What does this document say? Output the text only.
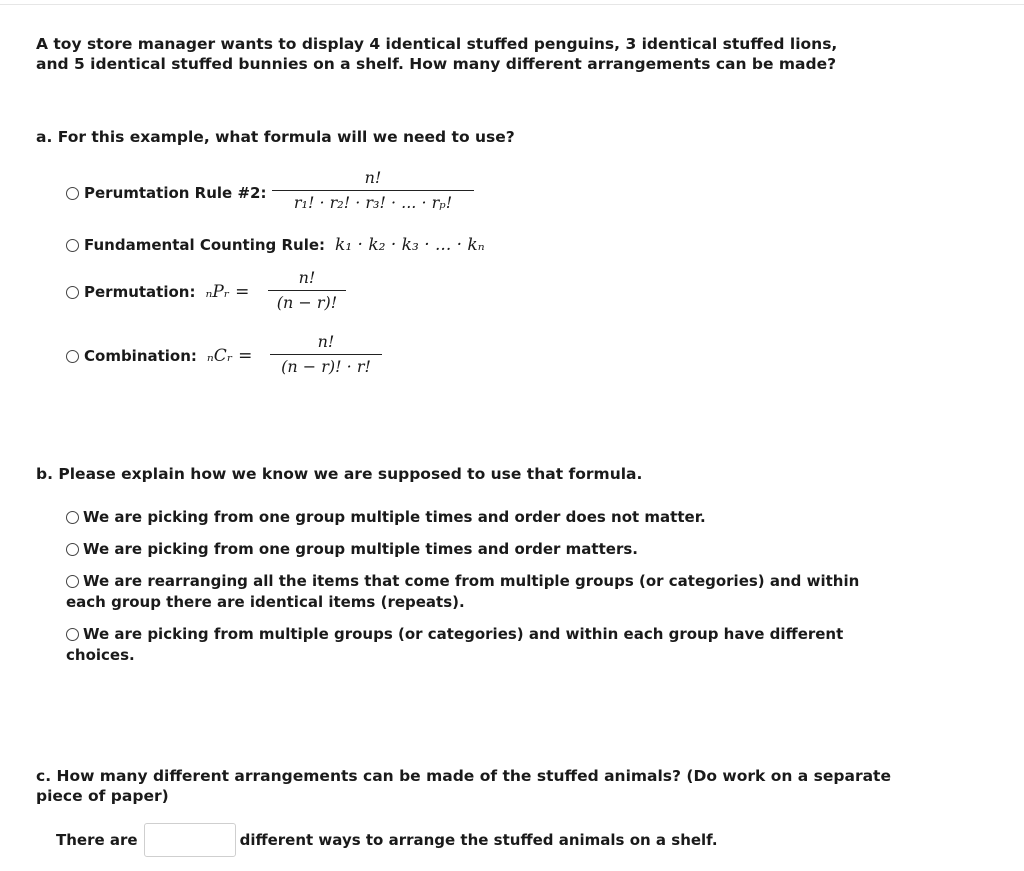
A toy store manager wants to display 4 identical stuffed penguins, 3 identical stuffed lions, and 5 identical stuffed bunnies on a shelf. How many different arrangements can be made?
a. For this example, what formula will we need to use?
Perumtation Rule #2:
n!
r₁! · r₂! · r₃! · ... · rₚ!
Fundamental Counting Rule: k₁ · k₂ · k₃ · ... · kₙ
Permutation: ₙPᵣ =
n!
(n − r)!
Combination: ₙCᵣ =
n!
(n − r)! · r!
b. Please explain how we know we are supposed to use that formula.
We are picking from one group multiple times and order does not matter.
We are picking from one group multiple times and order matters.
We are rearranging all the items that come from multiple groups (or categories) and within each group there are identical items (repeats).
We are picking from multiple groups (or categories) and within each group have different choices.
c. How many different arrangements can be made of the stuffed animals? (Do work on a separate piece of paper)
There are	different ways to arrange the stuffed animals on a shelf.
